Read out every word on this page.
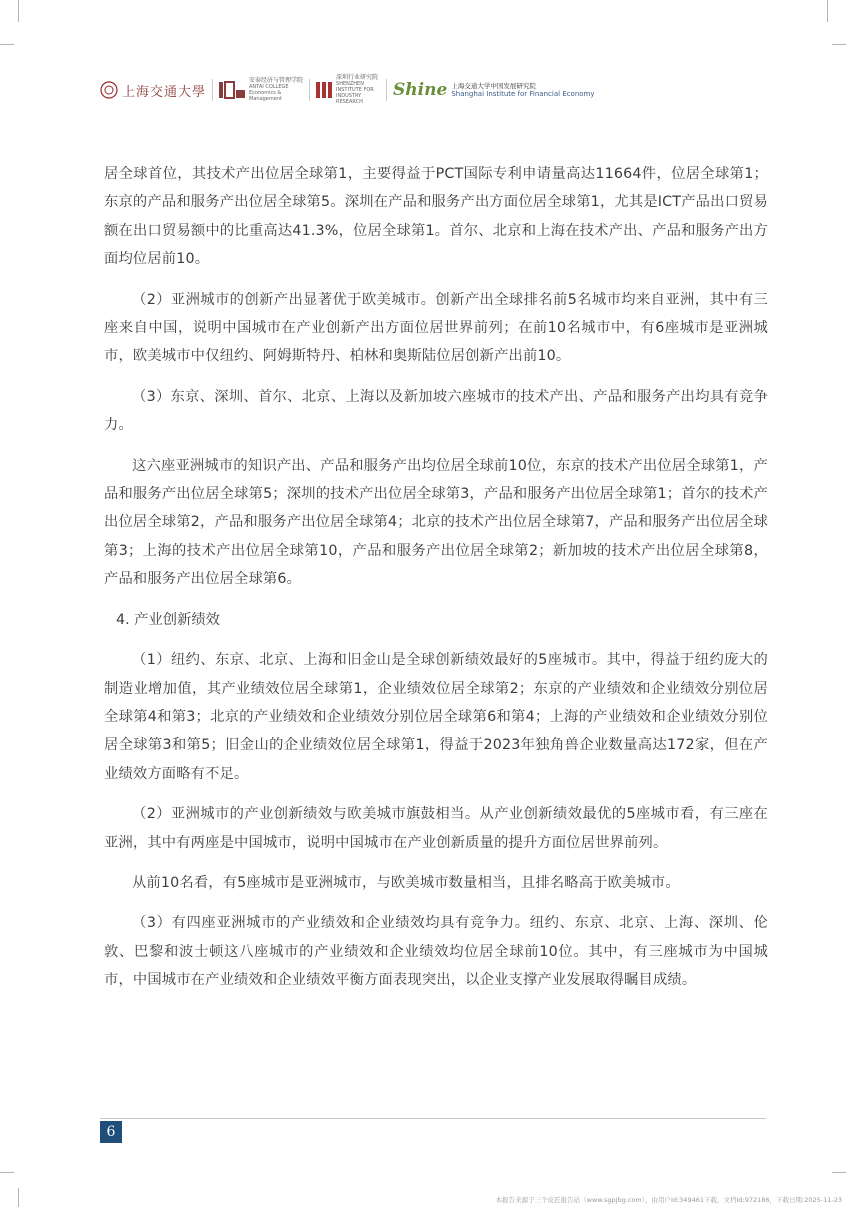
上海交通大學
安泰经济与管理学院
ANTAI COLLEGE Economics & Management
深圳行业研究院
SHENZHEN INSTITUTE FOR INDUSTRY RESEARCH
Shine 上海交通大学中国发展研究院
Shanghai Institute for Financial Economy

居全球首位，其技术产出位居全球第1，主要得益于PCT国际专利申请量高达11664件，位居全球第1；东京的产品和服务产出位居全球第5。深圳在产品和服务产出方面位居全球第1，尤其是ICT产品出口贸易额在出口贸易额中的比重高达41.3%，位居全球第1。首尔、北京和上海在技术产出、产品和服务产出方面均位居前10。

（2）亚洲城市的创新产出显著优于欧美城市。创新产出全球排名前5名城市均来自亚洲，其中有三座来自中国，说明中国城市在产业创新产出方面位居世界前列；在前10名城市中，有6座城市是亚洲城市，欧美城市中仅纽约、阿姆斯特丹、柏林和奥斯陆位居创新产出前10。

（3）东京、深圳、首尔、北京、上海以及新加坡六座城市的技术产出、产品和服务产出均具有竞争力。

这六座亚洲城市的知识产出、产品和服务产出均位居全球前10位，东京的技术产出位居全球第1，产品和服务产出位居全球第5；深圳的技术产出位居全球第3，产品和服务产出位居全球第1；首尔的技术产出位居全球第2，产品和服务产出位居全球第4；北京的技术产出位居全球第7，产品和服务产出位居全球第3；上海的技术产出位居全球第10，产品和服务产出位居全球第2；新加坡的技术产出位居全球第8，产品和服务产出位居全球第6。

4. 产业创新绩效

（1）纽约、东京、北京、上海和旧金山是全球创新绩效最好的5座城市。其中，得益于纽约庞大的制造业增加值，其产业绩效位居全球第1，企业绩效位居全球第2；东京的产业绩效和企业绩效分别位居全球第4和第3；北京的产业绩效和企业绩效分别位居全球第6和第4；上海的产业绩效和企业绩效分别位居全球第3和第5；旧金山的企业绩效位居全球第1，得益于2023年独角兽企业数量高达172家，但在产业绩效方面略有不足。

（2）亚洲城市的产业创新绩效与欧美城市旗鼓相当。从产业创新绩效最优的5座城市看，有三座在亚洲，其中有两座是中国城市，说明中国城市在产业创新质量的提升方面位居世界前列。

从前10名看，有5座城市是亚洲城市，与欧美城市数量相当，且排名略高于欧美城市。

（3）有四座亚洲城市的产业绩效和企业绩效均具有竞争力。纽约、东京、北京、上海、深圳、伦敦、巴黎和波士顿这八座城市的产业绩效和企业绩效均位居全球前10位。其中，有三座城市为中国城市，中国城市在产业绩效和企业绩效平衡方面表现突出，以企业支撑产业发展取得瞩目成绩。

6
本报告来源于三个皮匠报告站（www.sgpjbg.com），由用户Id:349461下载，文档Id:972186，下载日期:2025-11-23
